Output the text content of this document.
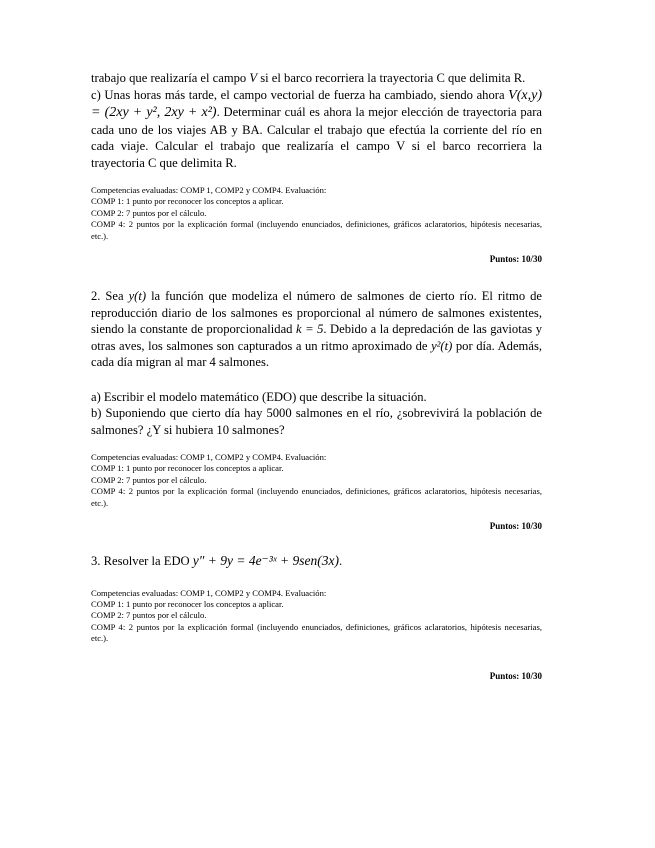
trabajo que realizaría el campo V si el barco recorriera la trayectoria C que delimita R.

c) Unas horas más tarde, el campo vectorial de fuerza ha cambiado, siendo ahora V(x,y) = (2xy + y², 2xy + x²). Determinar cuál es ahora la mejor elección de trayectoria para cada uno de los viajes AB y BA. Calcular el trabajo que efectúa la corriente del río en cada viaje. Calcular el trabajo que realizaría el campo V si el barco recorriera la trayectoria C que delimita R.

Competencias evaluadas: COMP 1, COMP2 y COMP4. Evaluación:

COMP 1: 1 punto por reconocer los conceptos a aplicar.

COMP 2: 7 puntos por el cálculo.

COMP 4: 2 puntos por la explicación formal (incluyendo enunciados, definiciones, gráficos aclaratorios, hipótesis necesarias, etc.).

Puntos: 10/30

2. Sea y(t) la función que modeliza el número de salmones de cierto río. El ritmo de reproducción diario de los salmones es proporcional al número de salmones existentes, siendo la constante de proporcionalidad k = 5. Debido a la depredación de las gaviotas y otras aves, los salmones son capturados a un ritmo aproximado de y²(t) por día. Además, cada día migran al mar 4 salmones.

a) Escribir el modelo matemático (EDO) que describe la situación.

b) Suponiendo que cierto día hay 5000 salmones en el río, ¿sobrevivirá la población de salmones? ¿Y si hubiera 10 salmones?

Competencias evaluadas: COMP 1, COMP2 y COMP4. Evaluación:

COMP 1: 1 punto por reconocer los conceptos a aplicar.

COMP 2: 7 puntos por el cálculo.

COMP 4: 2 puntos por la explicación formal (incluyendo enunciados, definiciones, gráficos aclaratorios, hipótesis necesarias, etc.).

Puntos: 10/30

3. Resolver la EDO y″ + 9y = 4e⁻³ˣ + 9sen(3x).

Competencias evaluadas: COMP 1, COMP2 y COMP4. Evaluación:

COMP 1: 1 punto por reconocer los conceptos a aplicar.

COMP 2: 7 puntos por el cálculo.

COMP 4: 2 puntos por la explicación formal (incluyendo enunciados, definiciones, gráficos aclaratorios, hipótesis necesarias, etc.).

Puntos: 10/30
